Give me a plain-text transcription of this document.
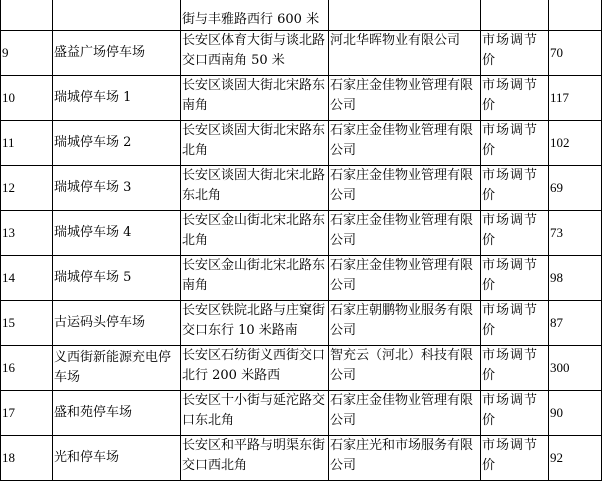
		街与丰雅路西行 600 米			
9	盛益广场停车场	长安区体育大街与谈北路交口西南角 50 米	河北华晖物业有限公司	市场调节价	70
10	瑞城停车场 1	长安区谈固大街北宋路东南角	石家庄金佳物业管理有限公司	市场调节价	117
11	瑞城停车场 2	长安区谈固大街北宋路东北角	石家庄金佳物业管理有限公司	市场调节价	102
12	瑞城停车场 3	长安区谈固大街北宋北路东北角	石家庄金佳物业管理有限公司	市场调节价	69
13	瑞城停车场 4	长安区金山街北宋北路东北角	石家庄金佳物业管理有限公司	市场调节价	73
14	瑞城停车场 5	长安区金山街北宋北路东南角	石家庄金佳物业管理有限公司	市场调节价	98
15	古运码头停车场	长安区铁院北路与庄窠街交口东行 10 米路南	石家庄朝鹏物业服务有限公司	市场调节价	87
16	义西街新能源充电停车场	长安区石纺街义西街交口北行 200 米路西	智充云（河北）科技有限公司	市场调节价	300
17	盛和苑停车场	长安区十小街与延沱路交口东北角	石家庄金佳物业管理有限公司	市场调节价	90
18	光和停车场	长安区和平路与明渠东街交口西北角	石家庄光和市场服务有限公司	市场调节价	92
